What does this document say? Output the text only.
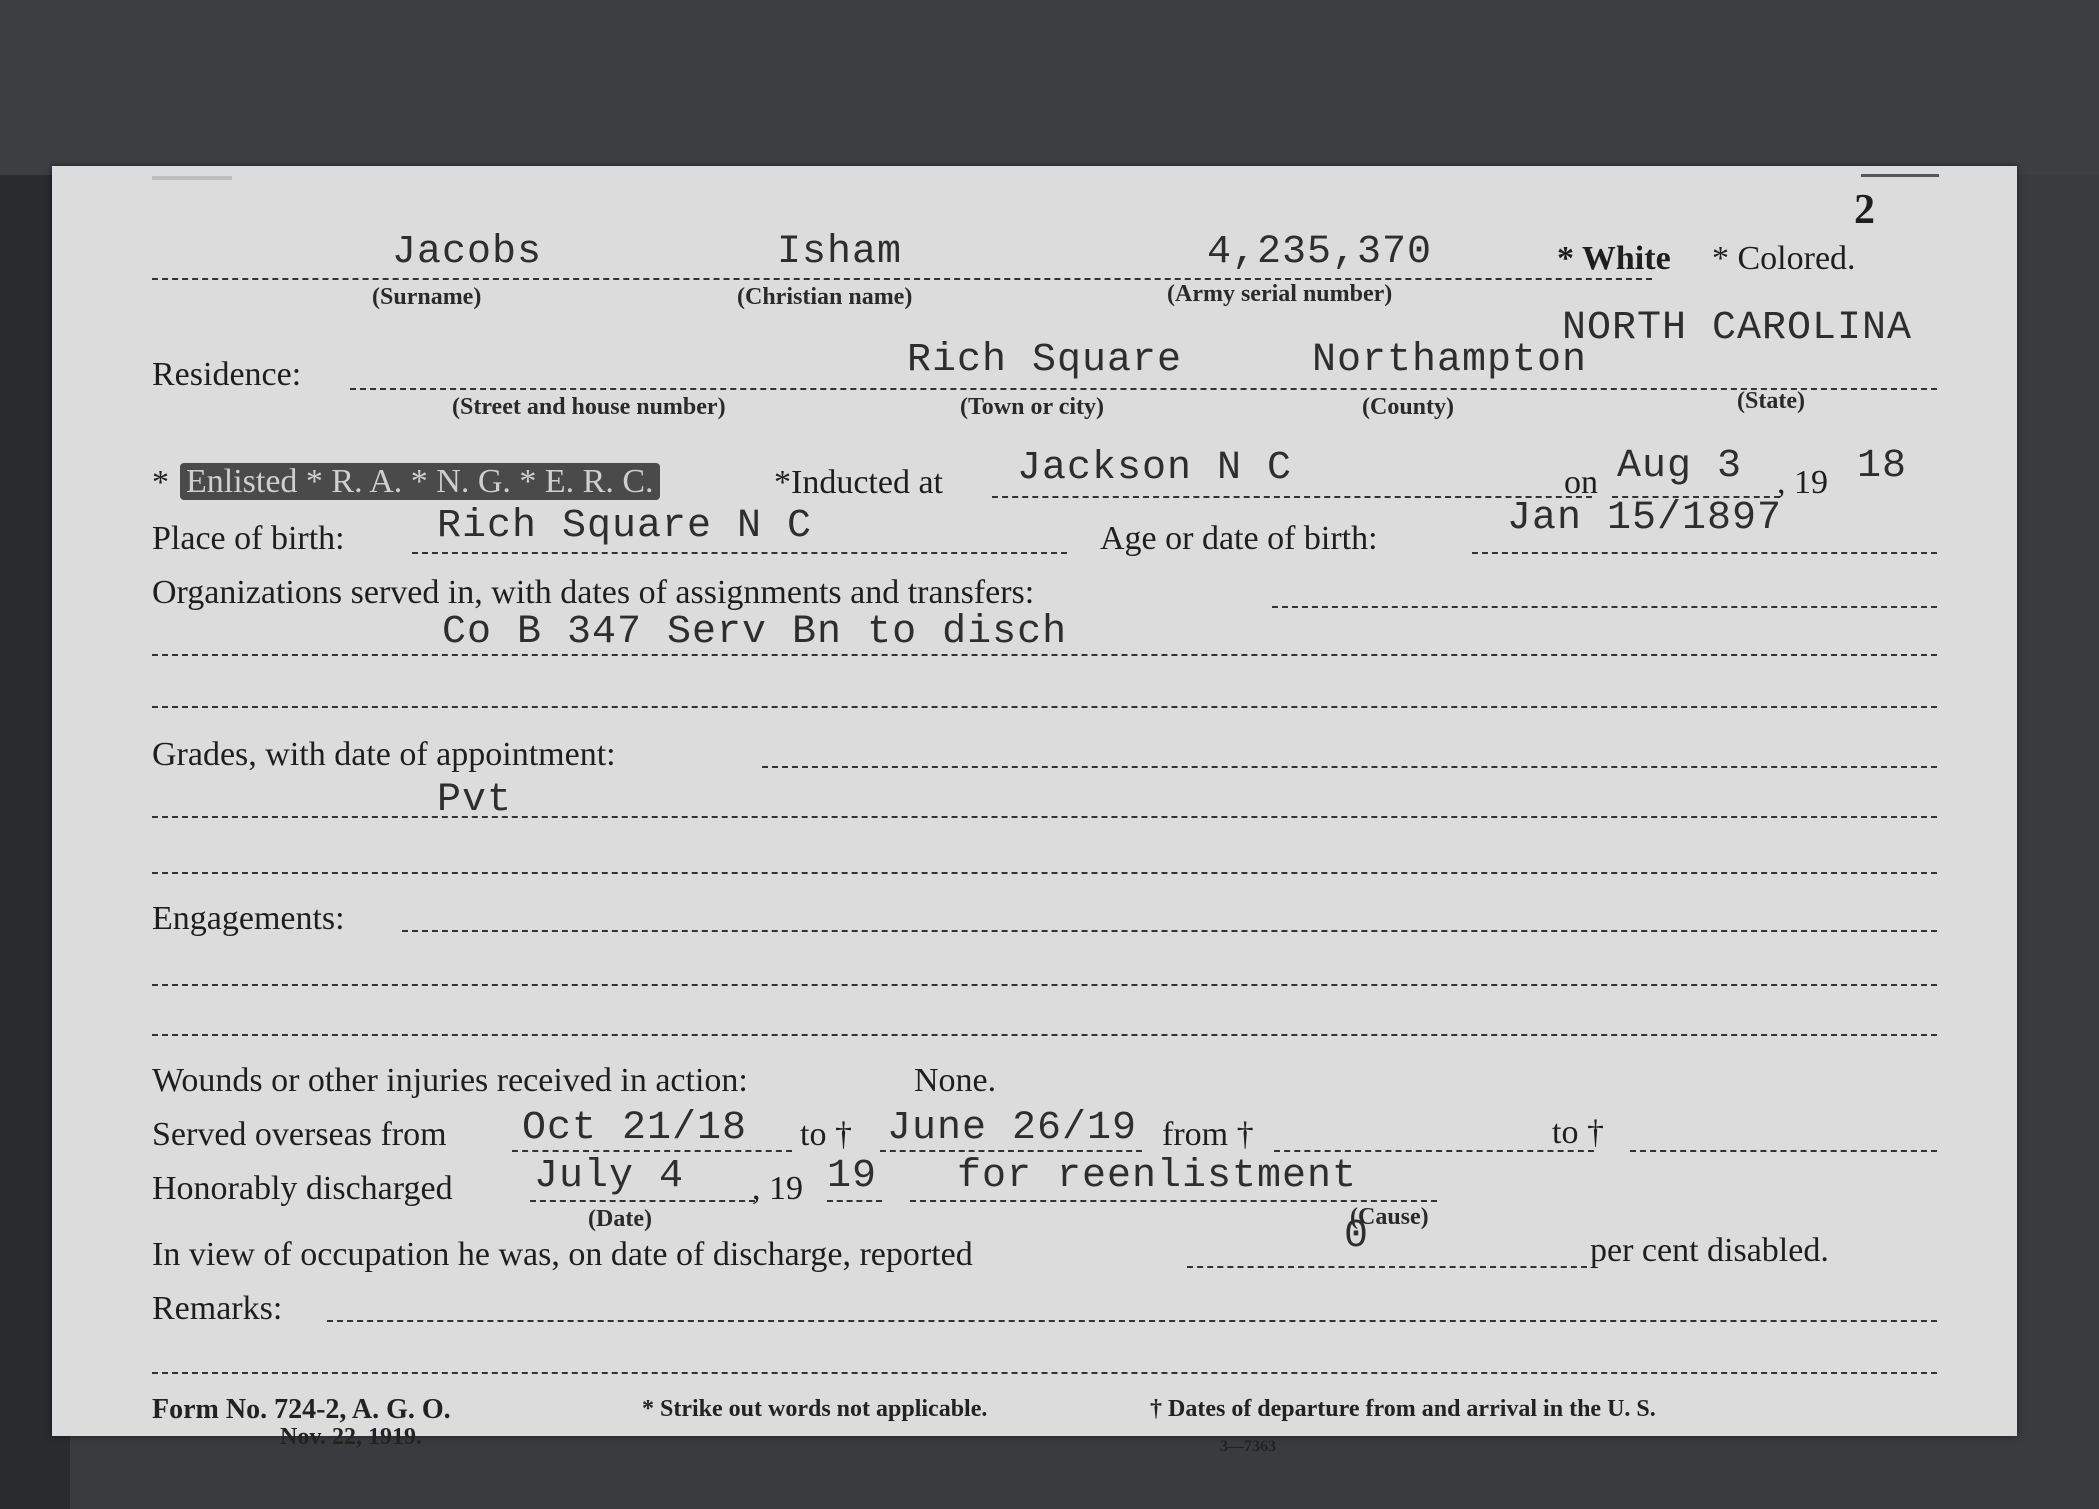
2
Jacobs	Isham	4,235,370	* White * Colored.
(Surname)	(Christian name)	(Army serial number)
NORTH CAROLINA
Residence:	Rich Square	Northampton
(Street and house number)	(Town or city)	(County)	(State)
* Enlisted * R. A. * N. G. * E. R. C.	*Inducted at Jackson N C	on Aug 3 , 19 18
Place of birth: Rich Square N C	Age or date of birth:	Jan 15/1897
Organizations served in, with dates of assignments and transfers:
Co B 347 Serv Bn to disch
Grades, with date of appointment:
Pvt
Engagements:
Wounds or other injuries received in action:	None.
Served overseas from Oct 21/18 to † June 26/19 from †	to †
Honorably discharged July 4 , 19 19 for reenlistment
(Date)	(Cause)
In view of occupation he was, on date of discharge, reported	0	per cent disabled.
Remarks:
Form No. 724-2, A. G. O.
Nov. 22, 1919.
* Strike out words not applicable.	† Dates of departure from and arrival in the U. S.
3—7363
